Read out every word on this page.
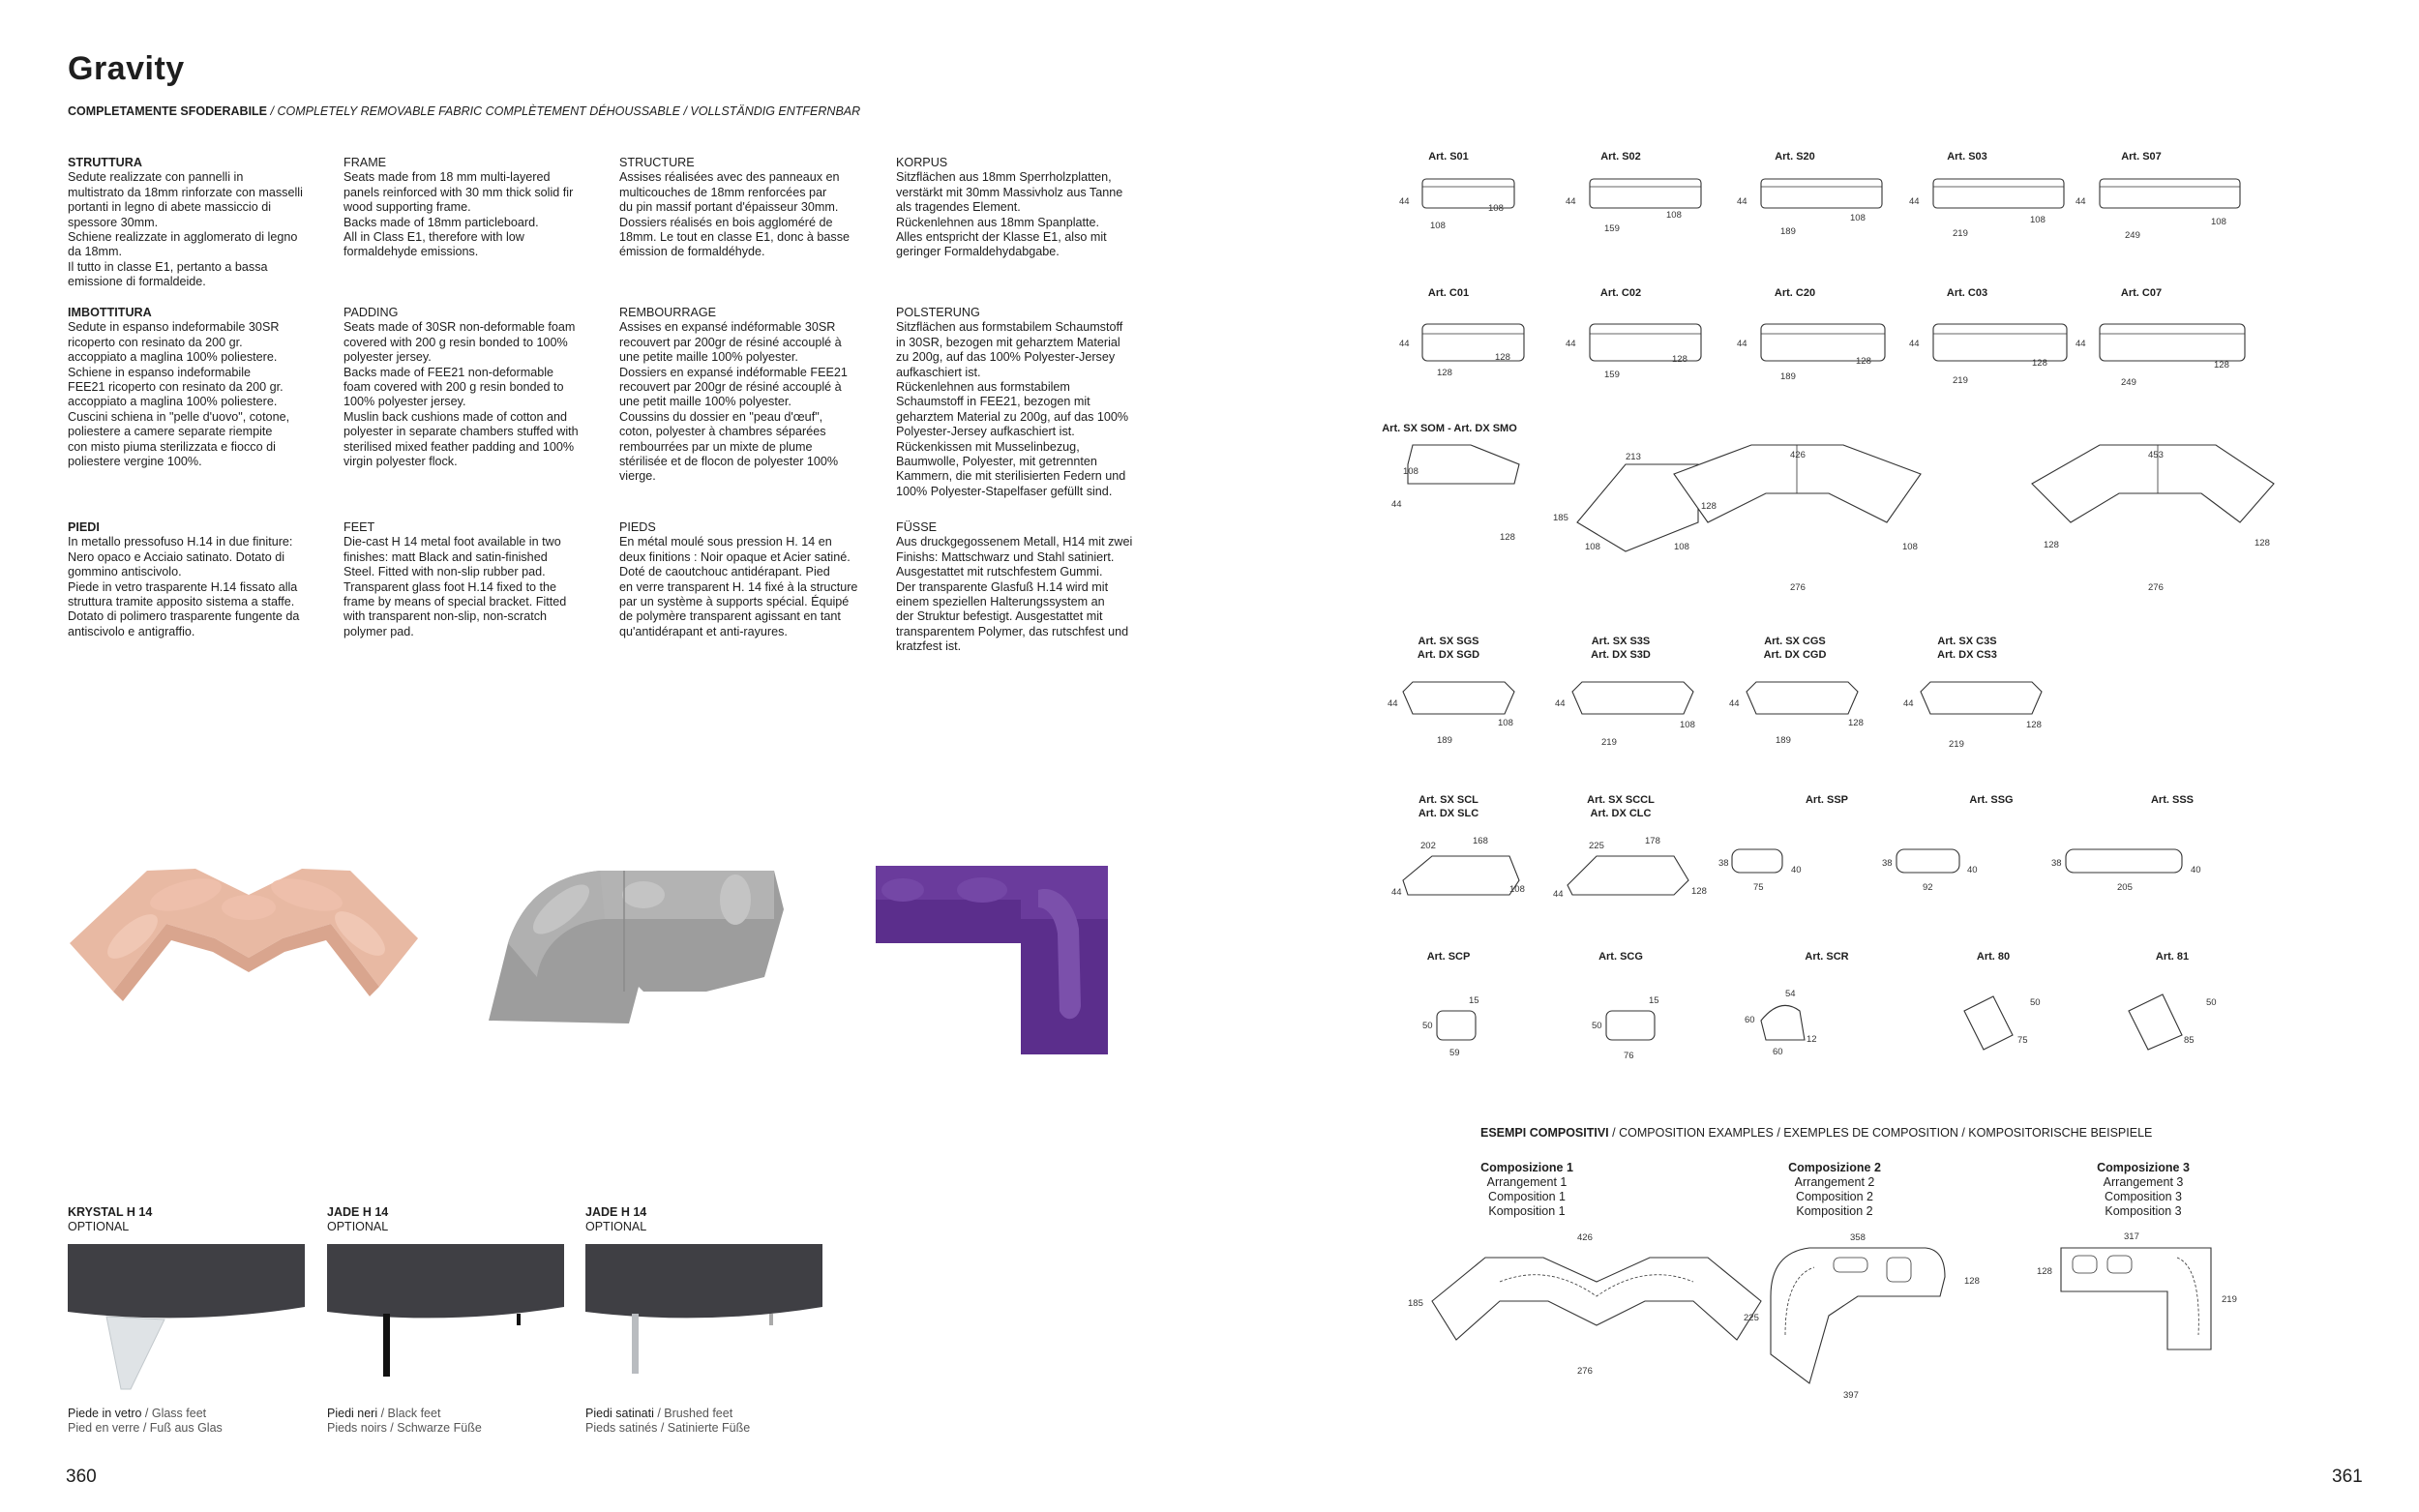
Gravity
COMPLETAMENTE SFODERABILE / COMPLETELY REMOVABLE FABRIC COMPLÈTEMENT DÉHOUSSABLE / VOLLSTÄNDIG ENTFERNBAR
STRUTTURA
Sedute realizzate con pannelli in
multistrato da 18mm rinforzate con masselli
portanti in legno di abete massiccio di
spessore 30mm.
Schiene realizzate in agglomerato di legno
da 18mm.
Il tutto in classe E1, pertanto a bassa
emissione di formaldeide.
IMBOTTITURA
Sedute in espanso indeformabile 30SR
ricoperto con resinato da 200 gr.
accoppiato a maglina 100% poliestere.
Schiene in espanso indeformabile
FEE21 ricoperto con resinato da 200 gr.
accoppiato a maglina 100% poliestere.
Cuscini schiena in "pelle d'uovo", cotone,
poliestere a camere separate riempite
con misto piuma sterilizzata e fiocco di
poliestere vergine 100%.
PIEDI
In metallo pressofuso H.14 in due finiture:
Nero opaco e Acciaio satinato. Dotato di
gommino antiscivolo.
Piede in vetro trasparente H.14 fissato alla
struttura tramite apposito sistema a staffe.
Dotato di polimero trasparente fungente da
antiscivolo e antigraffio.
FRAME
Seats made from 18 mm multi-layered
panels reinforced with 30 mm thick solid fir
wood supporting frame.
Backs made of 18mm particleboard.
All in Class E1, therefore with low
formaldehyde emissions.
PADDING
Seats made of 30SR non-deformable foam
covered with 200 g resin bonded to 100%
polyester jersey.
Backs made of FEE21 non-deformable
foam covered with 200 g resin bonded to
100% polyester jersey.
Muslin back cushions made of cotton and
polyester in separate chambers stuffed with
sterilised mixed feather padding and 100%
virgin polyester flock.
FEET
Die-cast H 14 metal foot available in two
finishes: matt Black and satin-finished
Steel. Fitted with non-slip rubber pad.
Transparent glass foot H.14 fixed to the
frame by means of special bracket. Fitted
with transparent non-slip, non-scratch
polymer pad.
STRUCTURE
Assises réalisées avec des panneaux en
multicouches de 18mm renforcées par
du pin massif portant d'épaisseur 30mm.
Dossiers réalisés en bois aggloméré de
18mm. Le tout en classe E1, donc à basse
émission de formaldéhyde.
REMBOURRAGE
Assises en expansé indéformable 30SR
recouvert par 200gr de résiné accouplé à
une petite maille 100% polyester.
Dossiers en expansé indéformable FEE21
recouvert par 200gr de résiné accouplé à
une petit maille 100% polyester.
Coussins du dossier en "peau d'œuf",
coton, polyester à chambres séparées
rembourrées par un mixte de plume
stérilisée et de flocon de polyester 100%
vierge.
PIEDS
En métal moulé sous pression H. 14 en
deux finitions : Noir opaque et Acier satiné.
Doté de caoutchouc antidérapant. Pied
en verre transparent H. 14 fixé à la structure
par un système à supports spécial. Équipé
de polymère transparent agissant en tant
qu'antidérapant et anti-rayures.
KORPUS
Sitzflächen aus 18mm Sperrholzplatten,
verstärkt mit 30mm Massivholz aus Tanne
als tragendes Element.
Rückenlehnen aus 18mm Spanplatte.
Alles entspricht der Klasse E1, also mit
geringer Formaldehydabgabe.
POLSTERUNG
Sitzflächen aus formstabilem Schaumstoff
in 30SR, bezogen mit geharztem Material
zu 200g, auf das 100% Polyester-Jersey
aufkaschiert ist.
Rückenlehnen aus formstabilem
Schaumstoff in FEE21, bezogen mit
geharztem Material zu 200g, auf das 100%
Polyester-Jersey aufkaschiert ist.
Rückenkissen mit Musselinbezug,
Baumwolle, Polyester, mit getrennten
Kammern, die mit sterilisierten Federn und
100% Polyester-Stapelfaser gefüllt sind.
FÜSSE
Aus druckgegossenem Metall, H14 mit zwei
Finishs: Mattschwarz und Stahl satiniert.
Ausgestattet mit rutschfestem Gummi.
Der transparente Glasfuß H.14 wird mit
einem speziellen Halterungssystem an
der Struktur befestigt. Ausgestattet mit
transparentem Polymer, das rutschfest und
kratzfest ist.
KRYSTAL H 14
OPTIONAL
Piede in vetro / Glass feet
Pied en verre / Fuß aus Glas
JADE H 14
OPTIONAL
Piedi neri / Black feet
Pieds noirs / Schwarze Füße
JADE H 14
OPTIONAL
Piedi satinati / Brushed feet
Pieds satinés / Satinierte Füße
360	361
Art. S01	Art. S02	Art. S20	Art. S03	Art. S07
Art. C01	Art. C02	Art. C20	Art. C03	Art. C07
Art. SX SOM - Art. DX SMO
Art. SX SGS
Art. DX SGD
Art. SX S3S
Art. DX S3D
Art. SX CGS
Art. DX CGD
Art. SX C3S
Art. DX CS3
Art. SX SCL
Art. DX SLC
Art. SX SCCL
Art. DX CLC
Art. SSP	Art. SSG	Art. SSS
Art. SCP	Art. SCG	Art. SCR	Art. 80	Art. 81
44
108
108
44
159
108
44
189
108
44
219
108
44
249
108
44
128
128
44
159
128
44
189
128
44
219
128
44
249
128
108
44
128
213
185
128
108
426
108	108
276
453
128	128
276
44
189
108
44
219
108
44
189
128
44
219
128
202	168
44	108
225	178
44	128
38
75
40
38
92
40
38
205
40
50
59
15
50
76
15
60
60
54
12
50
75
50
85
ESEMPI COMPOSITIVI / COMPOSITION EXAMPLES / EXEMPLES DE COMPOSITION / KOMPOSITORISCHE BEISPIELE
Composizione 1
Arrangement 1
Composition 1
Komposition 1
Composizione 2
Arrangement 2
Composition 2
Komposition 2
Composizione 3
Arrangement 3
Composition 3
Komposition 3
426
185
276
358
225
128
397
317
128
219
